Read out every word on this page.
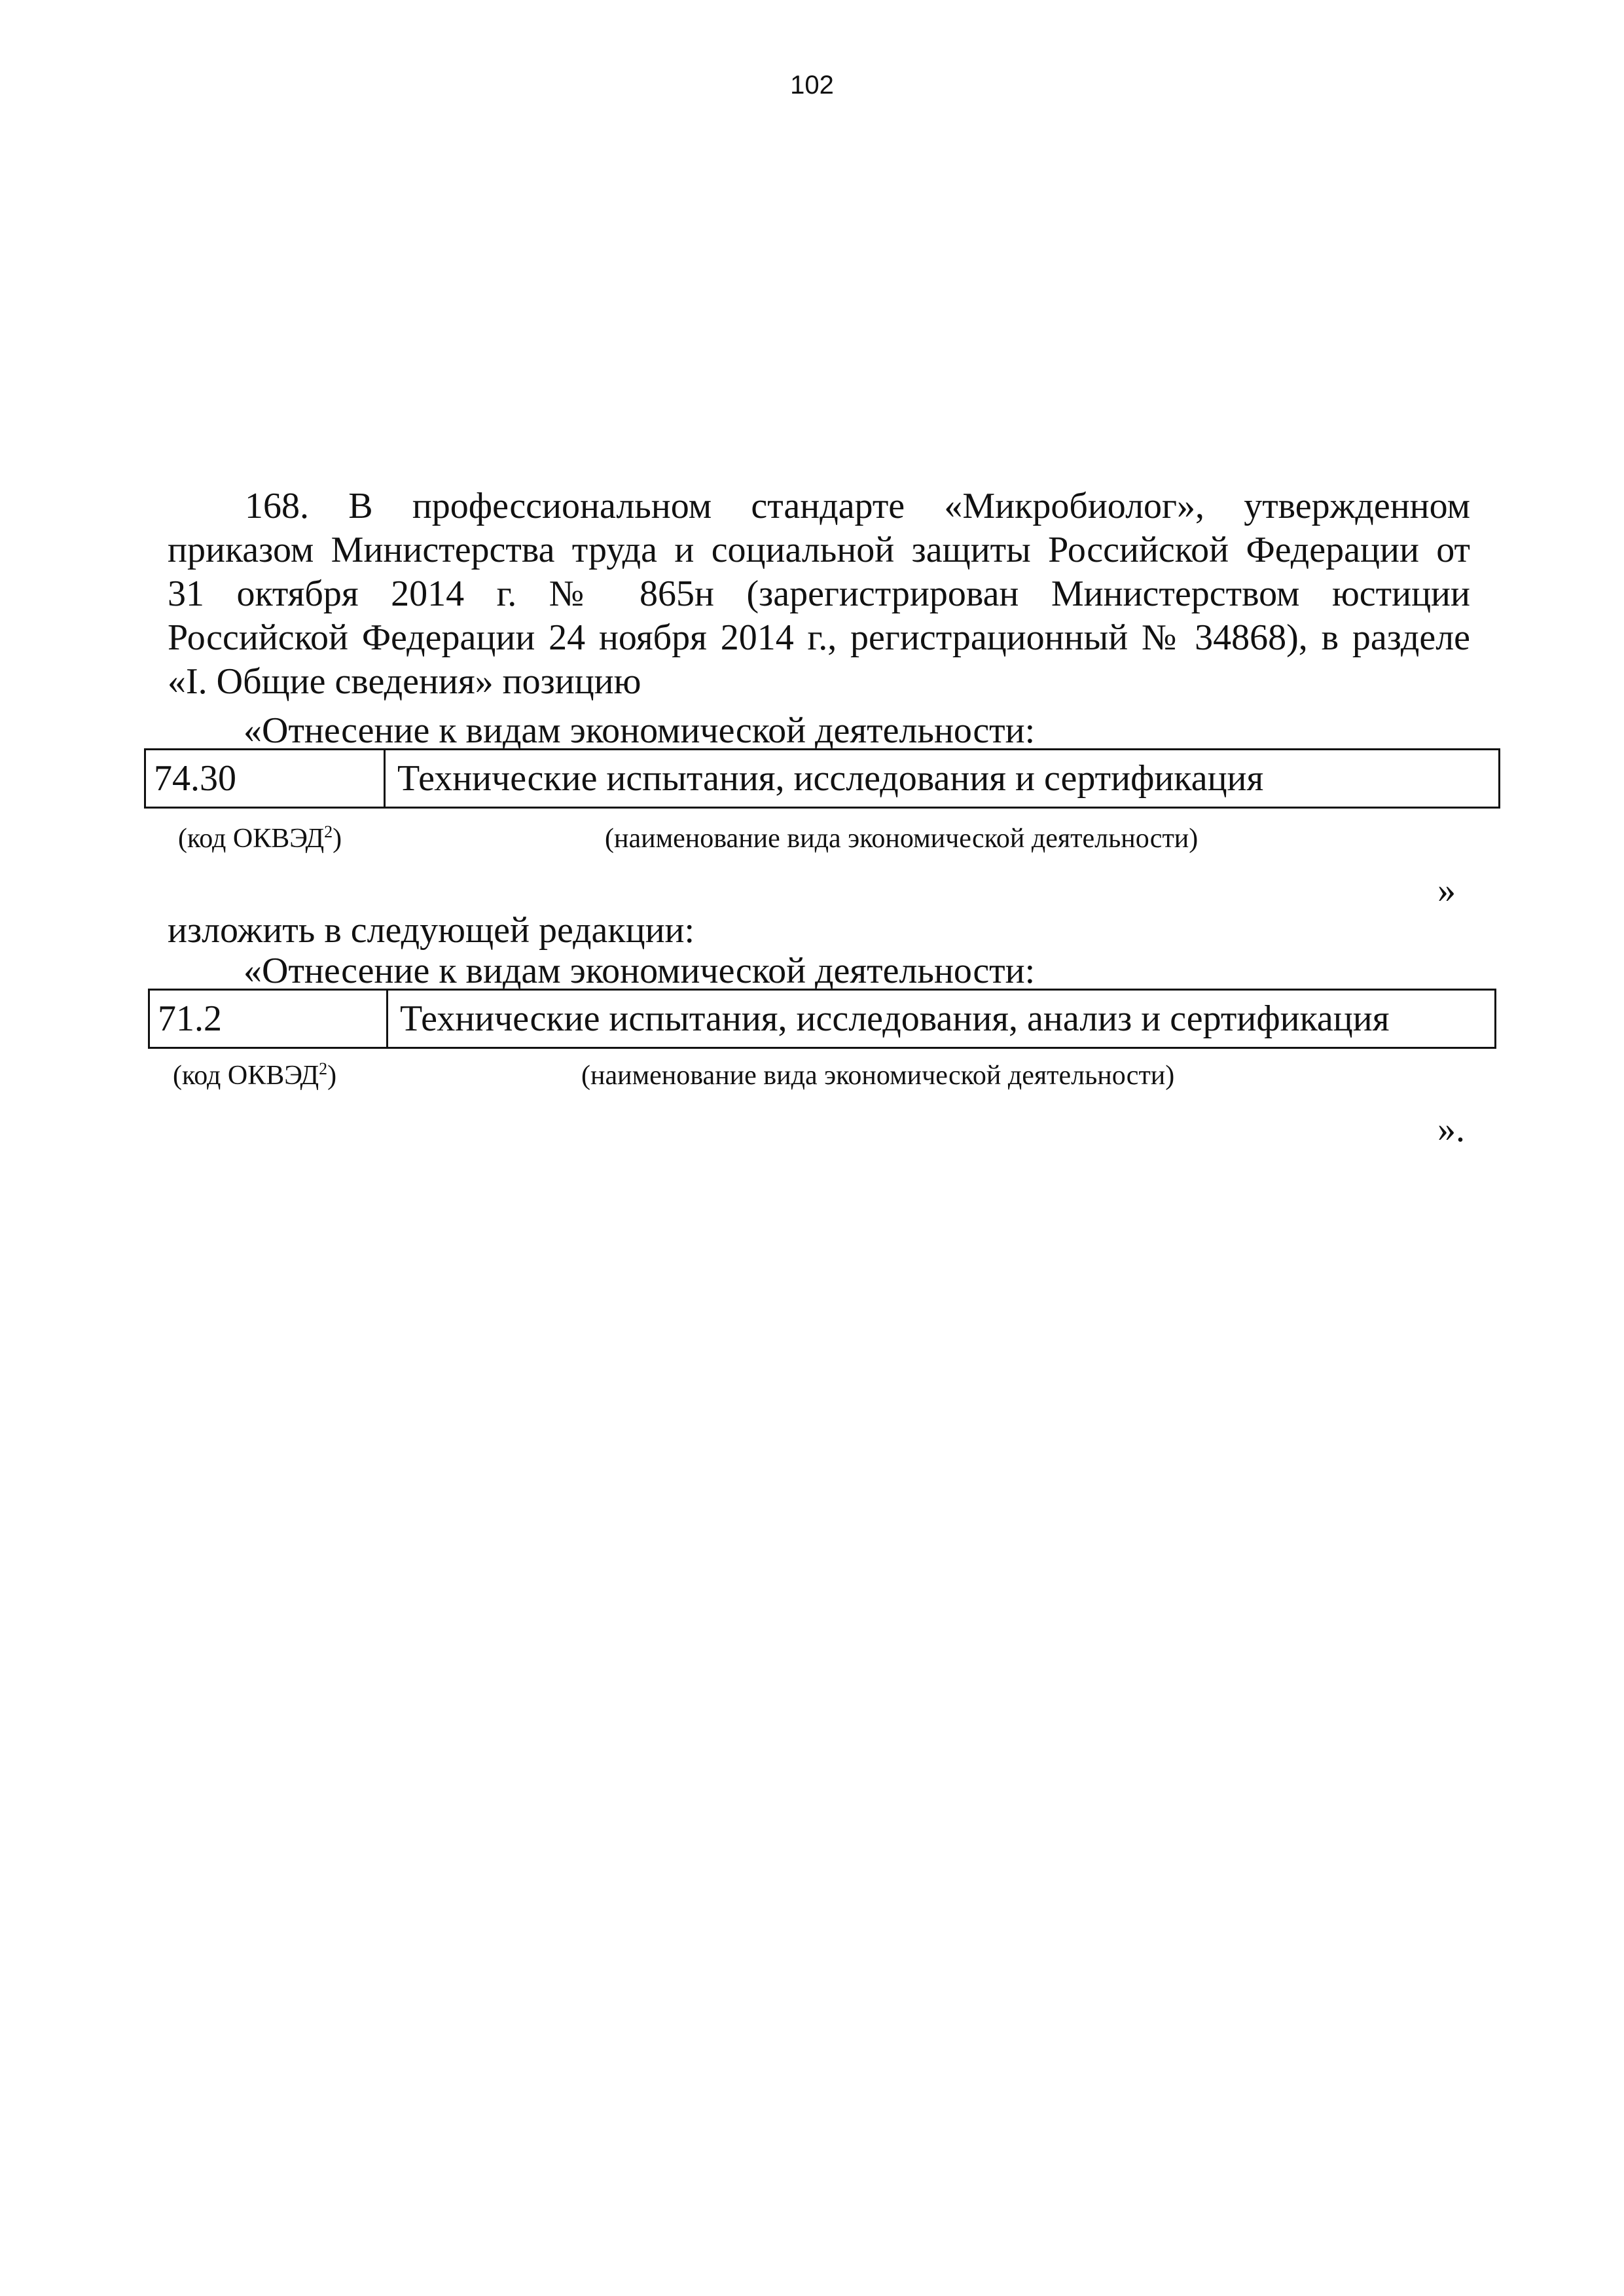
102
168. В профессиональном стандарте «Микробиолог», утвержденном
приказом Министерства труда и социальной защиты Российской Федерации от
31 октября 2014 г. № 865н (зарегистрирован Министерством юстиции
Российской Федерации 24 ноября 2014 г., регистрационный № 34868), в разделе
«I. Общие сведения» позицию
«Отнесение к видам экономической деятельности:
74.30	Технические испытания, исследования и сертификация
(код ОКВЭД$^2$)	(наименование вида экономической деятельности)
»
изложить в следующей редакции:
«Отнесение к видам экономической деятельности:
71.2	Технические испытания, исследования, анализ и сертификация
(код ОКВЭД$^2$)	(наименование вида экономической деятельности)
».
